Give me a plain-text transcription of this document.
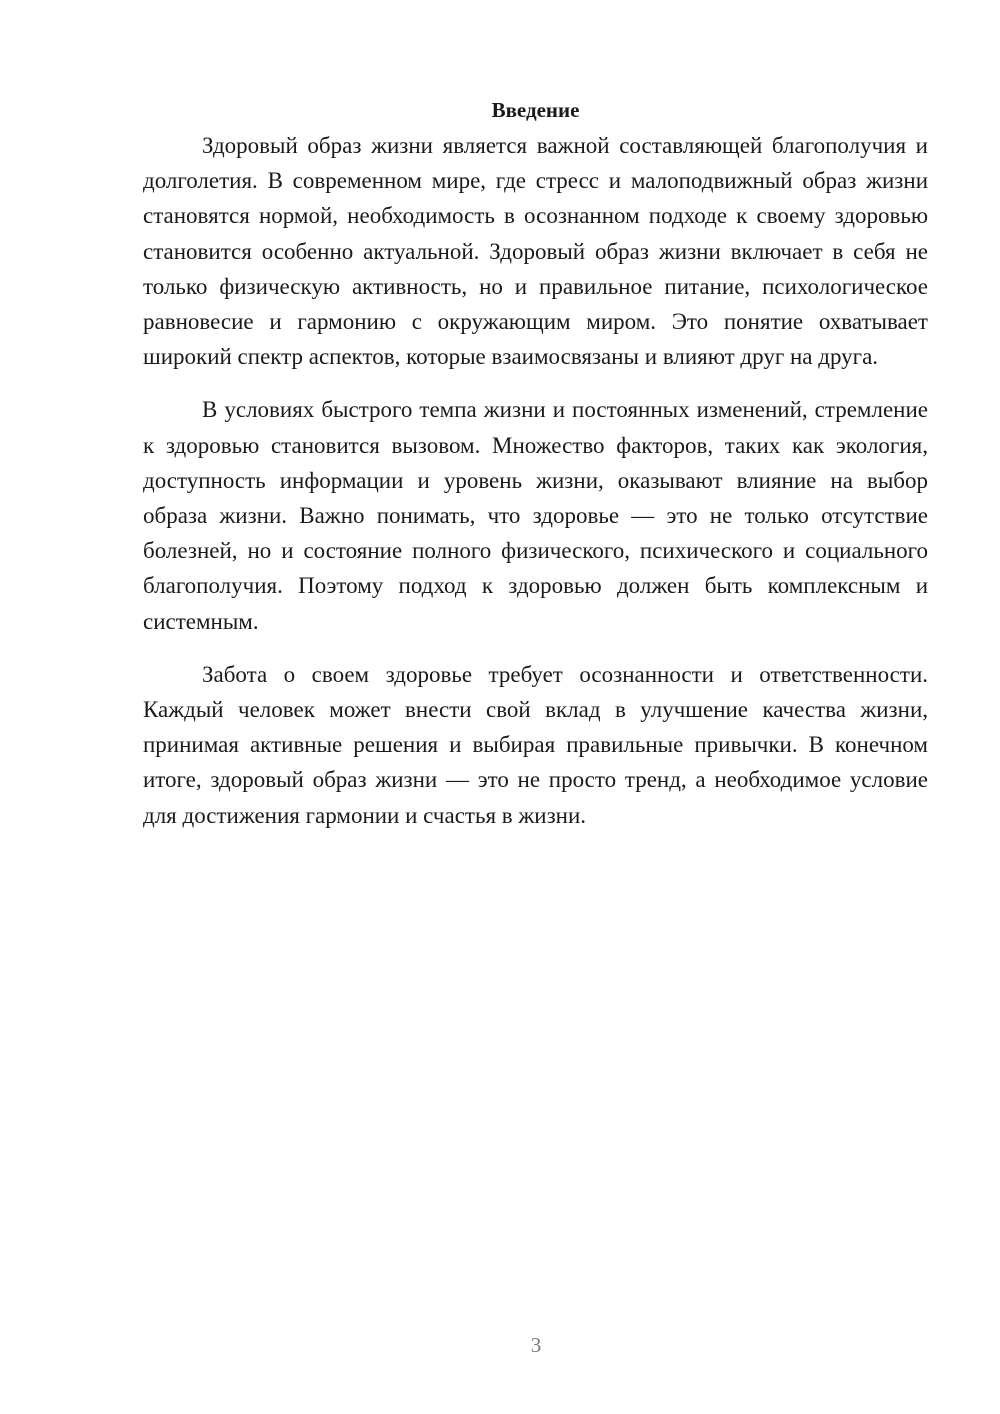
Введение

Здоровый образ жизни является важной составляющей благополучия и долголетия. В современном мире, где стресс и малоподвижный образ жизни становятся нормой, необходимость в осознанном подходе к своему здоровью становится особенно актуальной. Здоровый образ жизни включает в себя не только физическую активность, но и правильное питание, психологическое равновесие и гармонию с окружающим миром. Это понятие охватывает широкий спектр аспектов, которые взаимосвязаны и влияют друг на друга.

В условиях быстрого темпа жизни и постоянных изменений, стремление к здоровью становится вызовом. Множество факторов, таких как экология, доступность информации и уровень жизни, оказывают влияние на выбор образа жизни. Важно понимать, что здоровье — это не только отсутствие болезней, но и состояние полного физического, психического и социального благополучия. Поэтому подход к здоровью должен быть комплексным и системным.

Забота о своем здоровье требует осознанности и ответственности. Каждый человек может внести свой вклад в улучшение качества жизни, принимая активные решения и выбирая правильные привычки. В конечном итоге, здоровый образ жизни — это не просто тренд, а необходимое условие для достижения гармонии и счастья в жизни.

3
